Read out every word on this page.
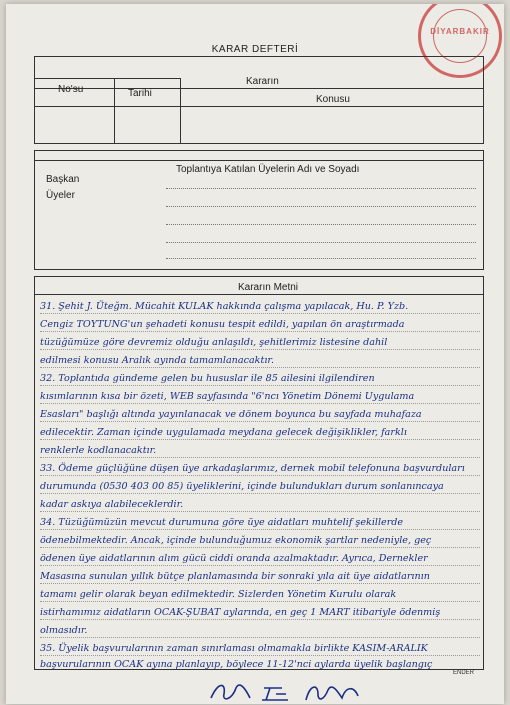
DİYARBAKIR
KARAR DEFTERİ
Kararın
No'su	Tarihi
Konusu
Toplantıya Katılan Üyelerin Adı ve Soyadı
Başkan
Üyeler
Kararın Metni
31. Şehit J. Üteğm. Mücahit KULAK hakkında çalışma yapılacak, Hu. P. Yzb.
Cengiz TOYTUNG'un şehadeti konusu tespit edildi, yapılan ön araştırmada
tüzüğümüze göre devremiz olduğu anlaşıldı, şehitlerimiz listesine dahil
edilmesi konusu Aralık ayında tamamlanacaktır.
32. Toplantıda gündeme gelen bu hususlar ile 85 ailesini ilgilendiren
kısımlarının kısa bir özeti, WEB sayfasında "6'ncı Yönetim Dönemi Uygulama
Esasları" başlığı altında yayınlanacak ve dönem boyunca bu sayfada muhafaza
edilecektir. Zaman içinde uygulamada meydana gelecek değişiklikler, farklı
renklerle kodlanacaktır.
33. Ödeme güçlüğüne düşen üye arkadaşlarımız, dernek mobil telefonuna başvurduları
durumunda (0530 403 00 85) üyeliklerini, içinde bulundukları durum sonlanıncaya
kadar askıya alabileceklerdir.
34. Tüzüğümüzün mevcut durumuna göre üye aidatları muhtelif şekillerde
ödenebilmektedir. Ancak, içinde bulunduğumuz ekonomik şartlar nedeniyle, geç
ödenen üye aidatlarının alım gücü ciddi oranda azalmaktadır. Ayrıca, Dernekler
Masasına sunulan yıllık bütçe planlamasında bir sonraki yıla ait üye aidatlarının
tamamı gelir olarak beyan edilmektedir. Sizlerden Yönetim Kurulu olarak
istirhamımız aidatların OCAK-ŞUBAT aylarında, en geç 1 MART itibariyle ödenmiş
olmasıdır.
35. Üyelik başvurularının zaman sınırlaması olmamakla birlikte KASIM-ARALIK
başvurularının OCAK ayına planlayıp, böylece 11-12'nci aylarda üyelik başlangıç
ENDER
